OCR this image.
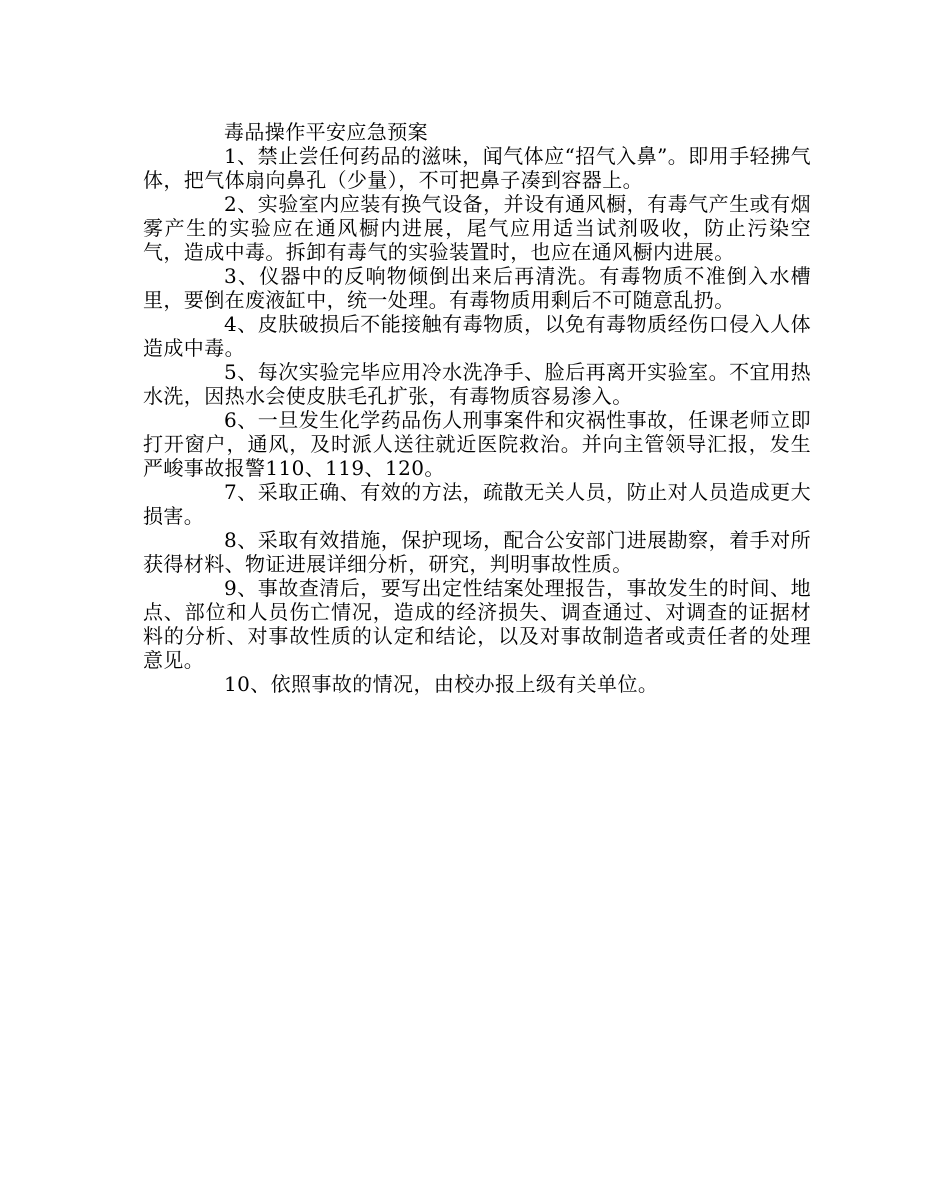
毒品操作平安应急预案

1、禁止尝任何药品的滋味，闻气体应“招气入鼻”。即用手轻拂气体，把气体扇向鼻孔（少量），不可把鼻子凑到容器上。

2、实验室内应装有换气设备，并设有通风橱，有毒气产生或有烟雾产生的实验应在通风橱内进展，尾气应用适当试剂吸收，防止污染空气，造成中毒。拆卸有毒气的实验装置时，也应在通风橱内进展。

3、仪器中的反响物倾倒出来后再清洗。有毒物质不准倒入水槽里，要倒在废液缸中，统一处理。有毒物质用剩后不可随意乱扔。

4、皮肤破损后不能接触有毒物质，以免有毒物质经伤口侵入人体造成中毒。

5、每次实验完毕应用冷水洗净手、脸后再离开实验室。不宜用热水洗，因热水会使皮肤毛孔扩张，有毒物质容易渗入。

6、一旦发生化学药品伤人刑事案件和灾祸性事故，任课老师立即打开窗户，通风，及时派人送往就近医院救治。并向主管领导汇报，发生严峻事故报警110、119、120。

7、采取正确、有效的方法，疏散无关人员，防止对人员造成更大损害。

8、采取有效措施，保护现场，配合公安部门进展勘察，着手对所获得材料、物证进展详细分析，研究，判明事故性质。

9、事故查清后，要写出定性结案处理报告，事故发生的时间、地点、部位和人员伤亡情况，造成的经济损失、调查通过、对调查的证据材料的分析、对事故性质的认定和结论，以及对事故制造者或责任者的处理意见。

10、依照事故的情况，由校办报上级有关单位。
